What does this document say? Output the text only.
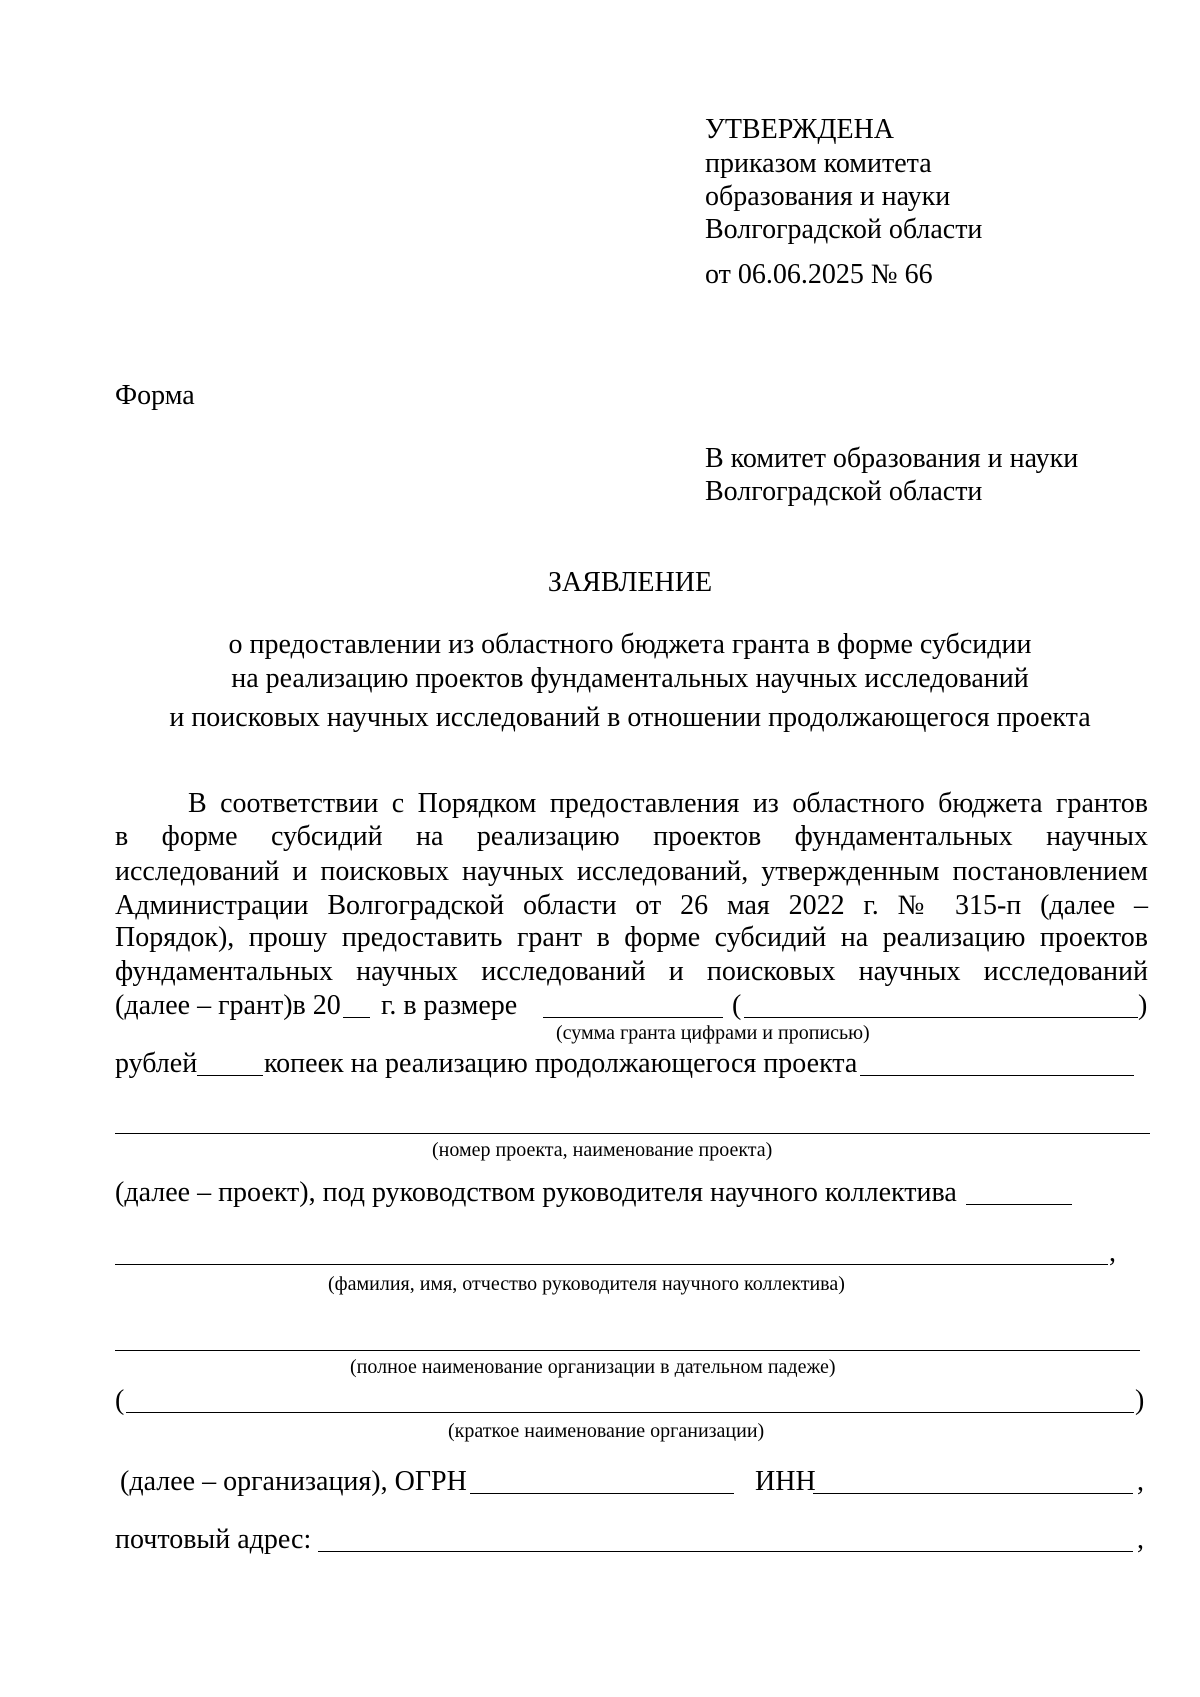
УТВЕРЖДЕНА
приказом комитета
образования и науки
Волгоградской области
от 06.06.2025 № 66
Форма
В комитет образования и науки
Волгоградской области
ЗАЯВЛЕНИЕ
о предоставлении из областного бюджета гранта в форме субсидии
на реализацию проектов фундаментальных научных исследований
и поисковых научных исследований в отношении продолжающегося проекта
В соответствии с Порядком предоставления из областного бюджета грантов
в форме субсидий на реализацию проектов фундаментальных научных
исследований и поисковых научных исследований, утвержденным постановлением
Администрации Волгоградской области от 26 мая 2022 г. № 315-п (далее –
Порядок), прошу предоставить грант в форме субсидий на реализацию проектов
фундаментальных научных исследований и поисковых научных исследований
(далее – грант)в 20 г. в размере	(	)
(сумма гранта цифрами и прописью)
рублей копеек на реализацию продолжающегося проекта
(номер проекта, наименование проекта)
(далее – проект), под руководством руководителя научного коллектива
,
(фамилия, имя, отчество руководителя научного коллектива)
(полное наименование организации в дательном падеже)
(	)
(краткое наименование организации)
(далее – организация), ОГРН	ИНН	,
почтовый адрес:	,
